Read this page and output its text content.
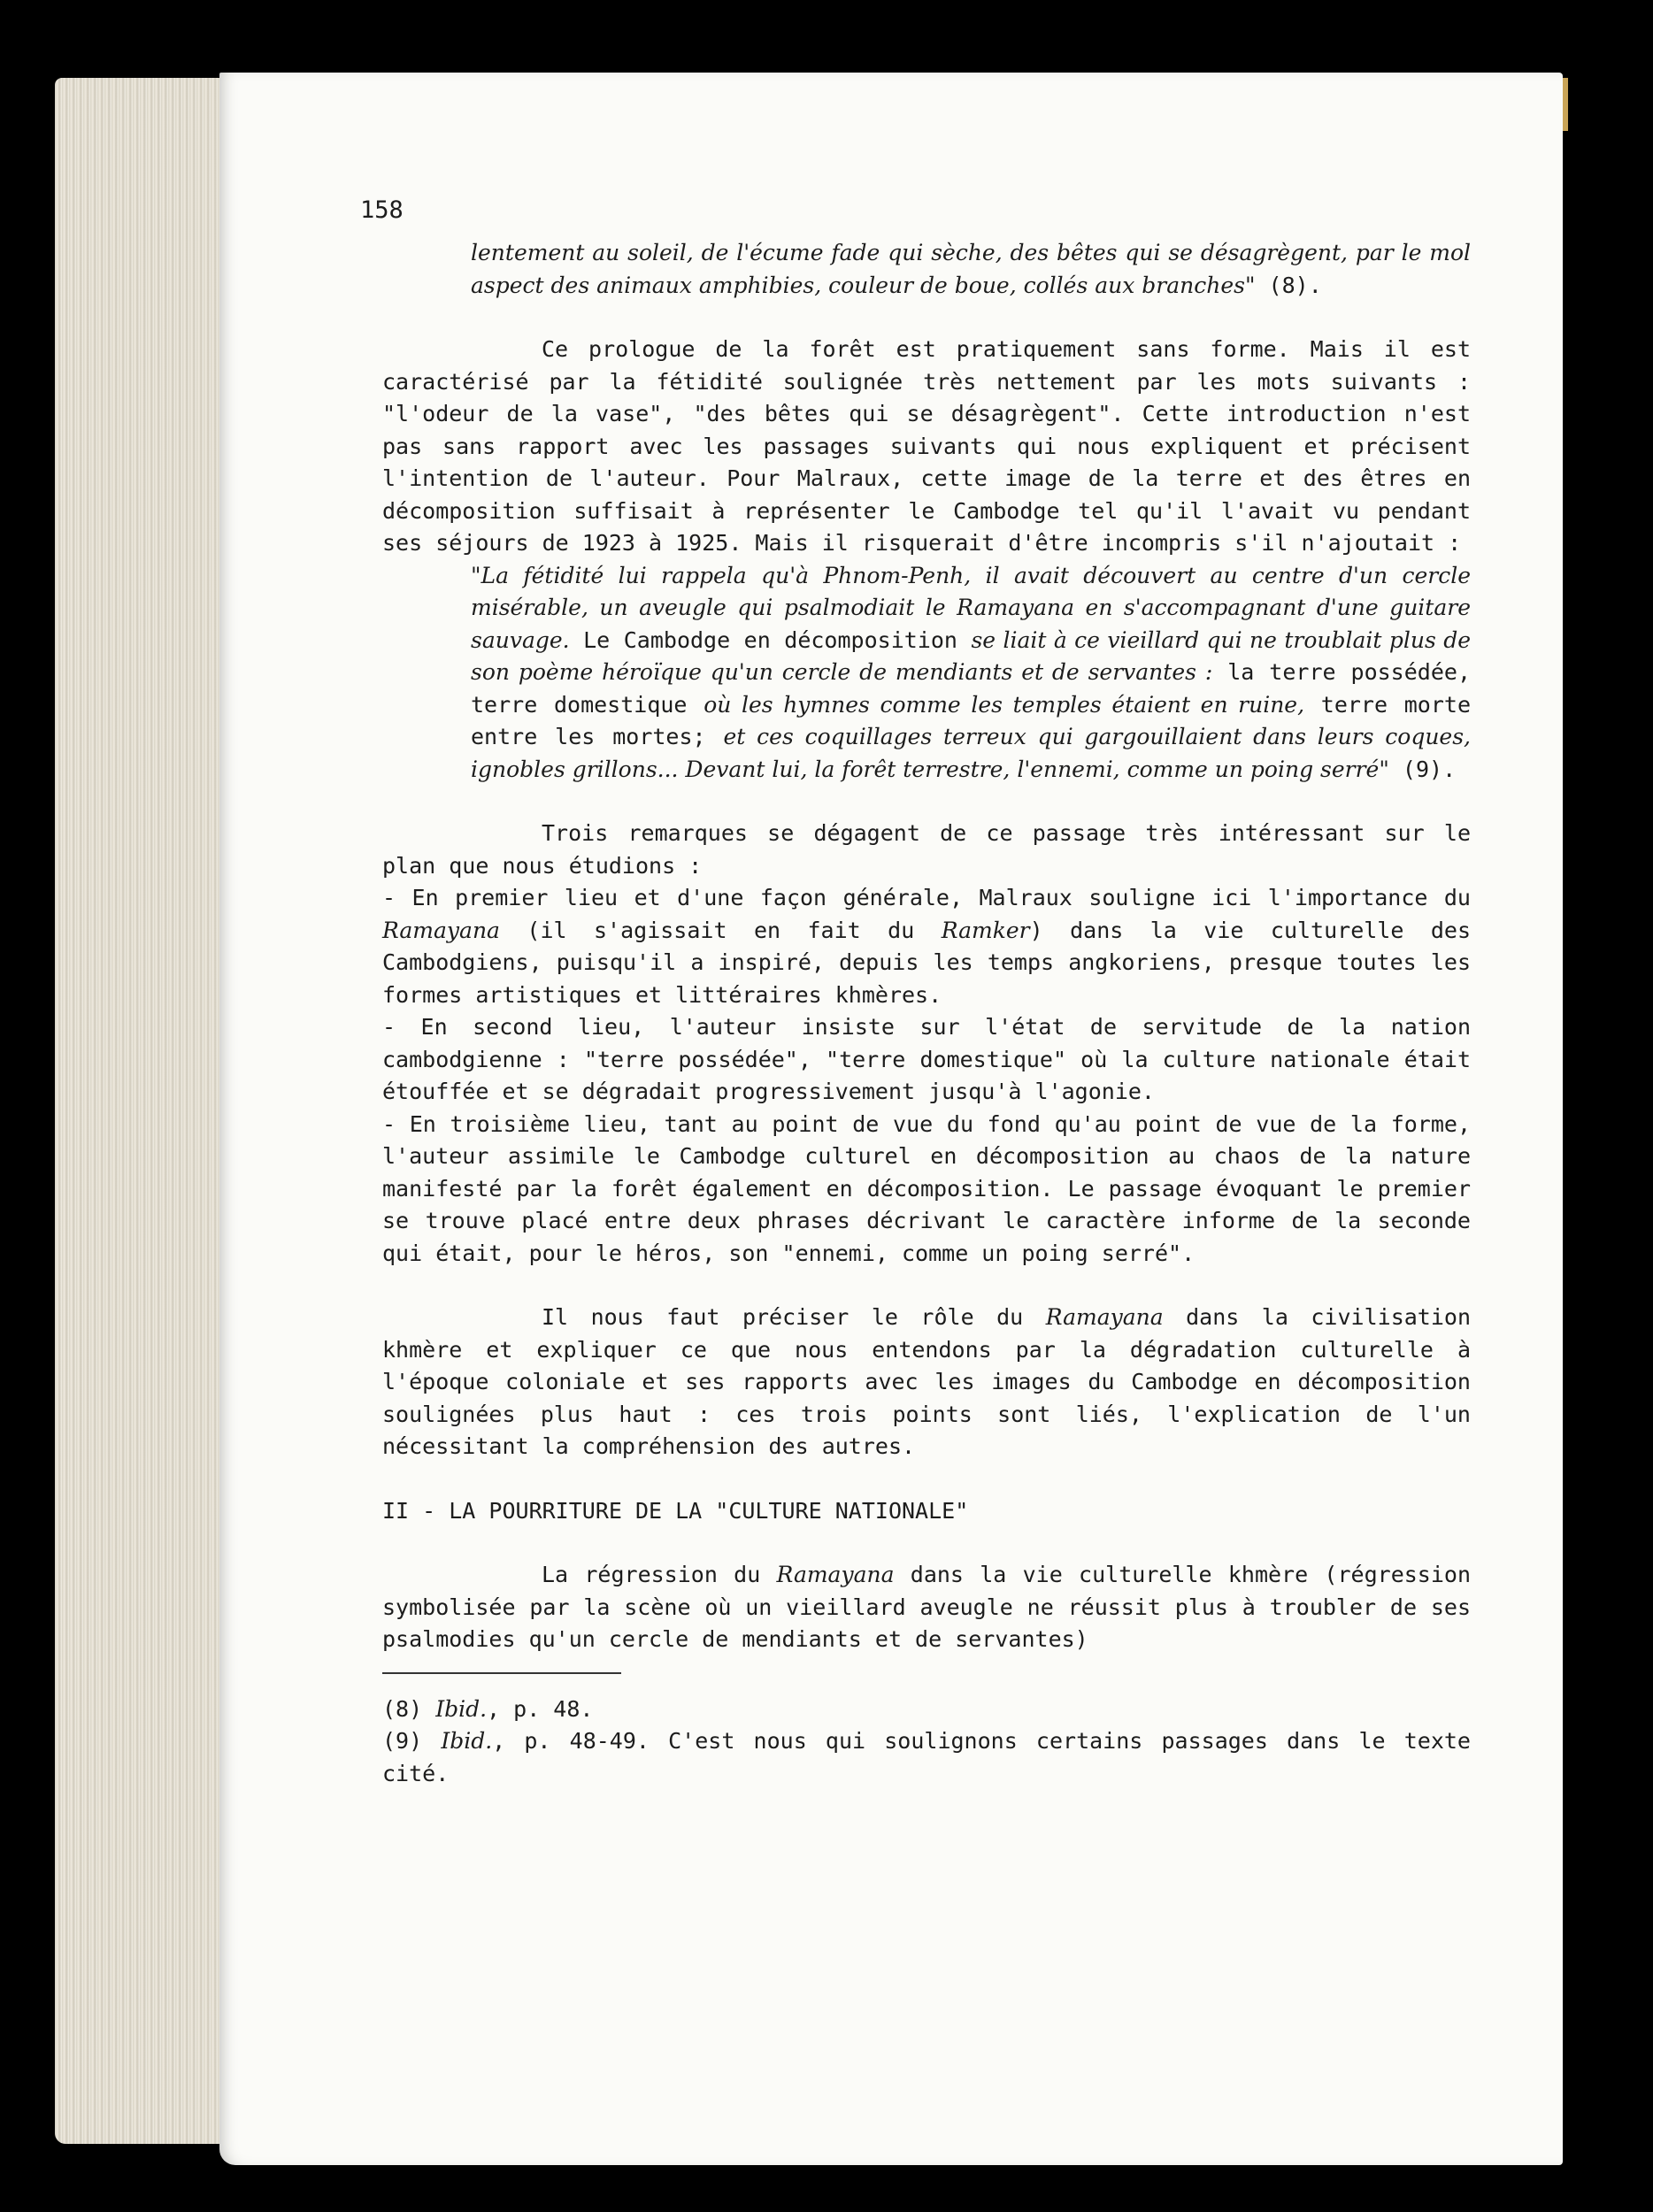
158

lentement au soleil, de l'écume fade qui sèche, des bêtes qui se désagrègent, par le mol aspect des animaux amphibies, couleur de boue, collés aux branches" (8).

Ce prologue de la forêt est pratiquement sans forme. Mais il est caractérisé par la fétidité soulignée très nettement par les mots suivants : "l'odeur de la vase", "des bêtes qui se désagrègent". Cette introduction n'est pas sans rapport avec les passages suivants qui nous expliquent et précisent l'intention de l'auteur. Pour Malraux, cette image de la terre et des êtres en décomposition suffisait à représenter le Cambodge tel qu'il l'avait vu pendant ses séjours de 1923 à 1925. Mais il risquerait d'être incompris s'il n'ajoutait :

"La fétidité lui rappela qu'à Phnom-Penh, il avait découvert au centre d'un cercle misérable, un aveugle qui psalmodiait le Ramayana en s'accompagnant d'une guitare sauvage. Le Cambodge en décomposition se liait à ce vieillard qui ne troublait plus de son poème héroïque qu'un cercle de mendiants et de servantes : la terre possédée, terre domestique où les hymnes comme les temples étaient en ruine, terre morte entre les mortes; et ces coquillages terreux qui gargouillaient dans leurs coques, ignobles grillons... Devant lui, la forêt terrestre, l'ennemi, comme un poing serré" (9).

Trois remarques se dégagent de ce passage très intéressant sur le plan que nous étudions :

- En premier lieu et d'une façon générale, Malraux souligne ici l'importance du Ramayana (il s'agissait en fait du Ramker) dans la vie culturelle des Cambodgiens, puisqu'il a inspiré, depuis les temps angkoriens, presque toutes les formes artistiques et littéraires khmères.

- En second lieu, l'auteur insiste sur l'état de servitude de la nation cambodgienne : "terre possédée", "terre domestique" où la culture nationale était étouffée et se dégradait progressivement jusqu'à l'agonie.

- En troisième lieu, tant au point de vue du fond qu'au point de vue de la forme, l'auteur assimile le Cambodge culturel en décomposition au chaos de la nature manifesté par la forêt également en décomposition. Le passage évoquant le premier se trouve placé entre deux phrases décrivant le caractère informe de la seconde qui était, pour le héros, son "ennemi, comme un poing serré".

Il nous faut préciser le rôle du Ramayana dans la civilisation khmère et expliquer ce que nous entendons par la dégradation culturelle à l'époque coloniale et ses rapports avec les images du Cambodge en décomposition soulignées plus haut : ces trois points sont liés, l'explication de l'un nécessitant la compréhension des autres.

II - LA POURRITURE DE LA "CULTURE NATIONALE"

La régression du Ramayana dans la vie culturelle khmère (régression symbolisée par la scène où un vieillard aveugle ne réussit plus à troubler de ses psalmodies qu'un cercle de mendiants et de servantes)

(8) Ibid., p. 48.

(9) Ibid., p. 48-49. C'est nous qui soulignons certains passages dans le texte cité.
